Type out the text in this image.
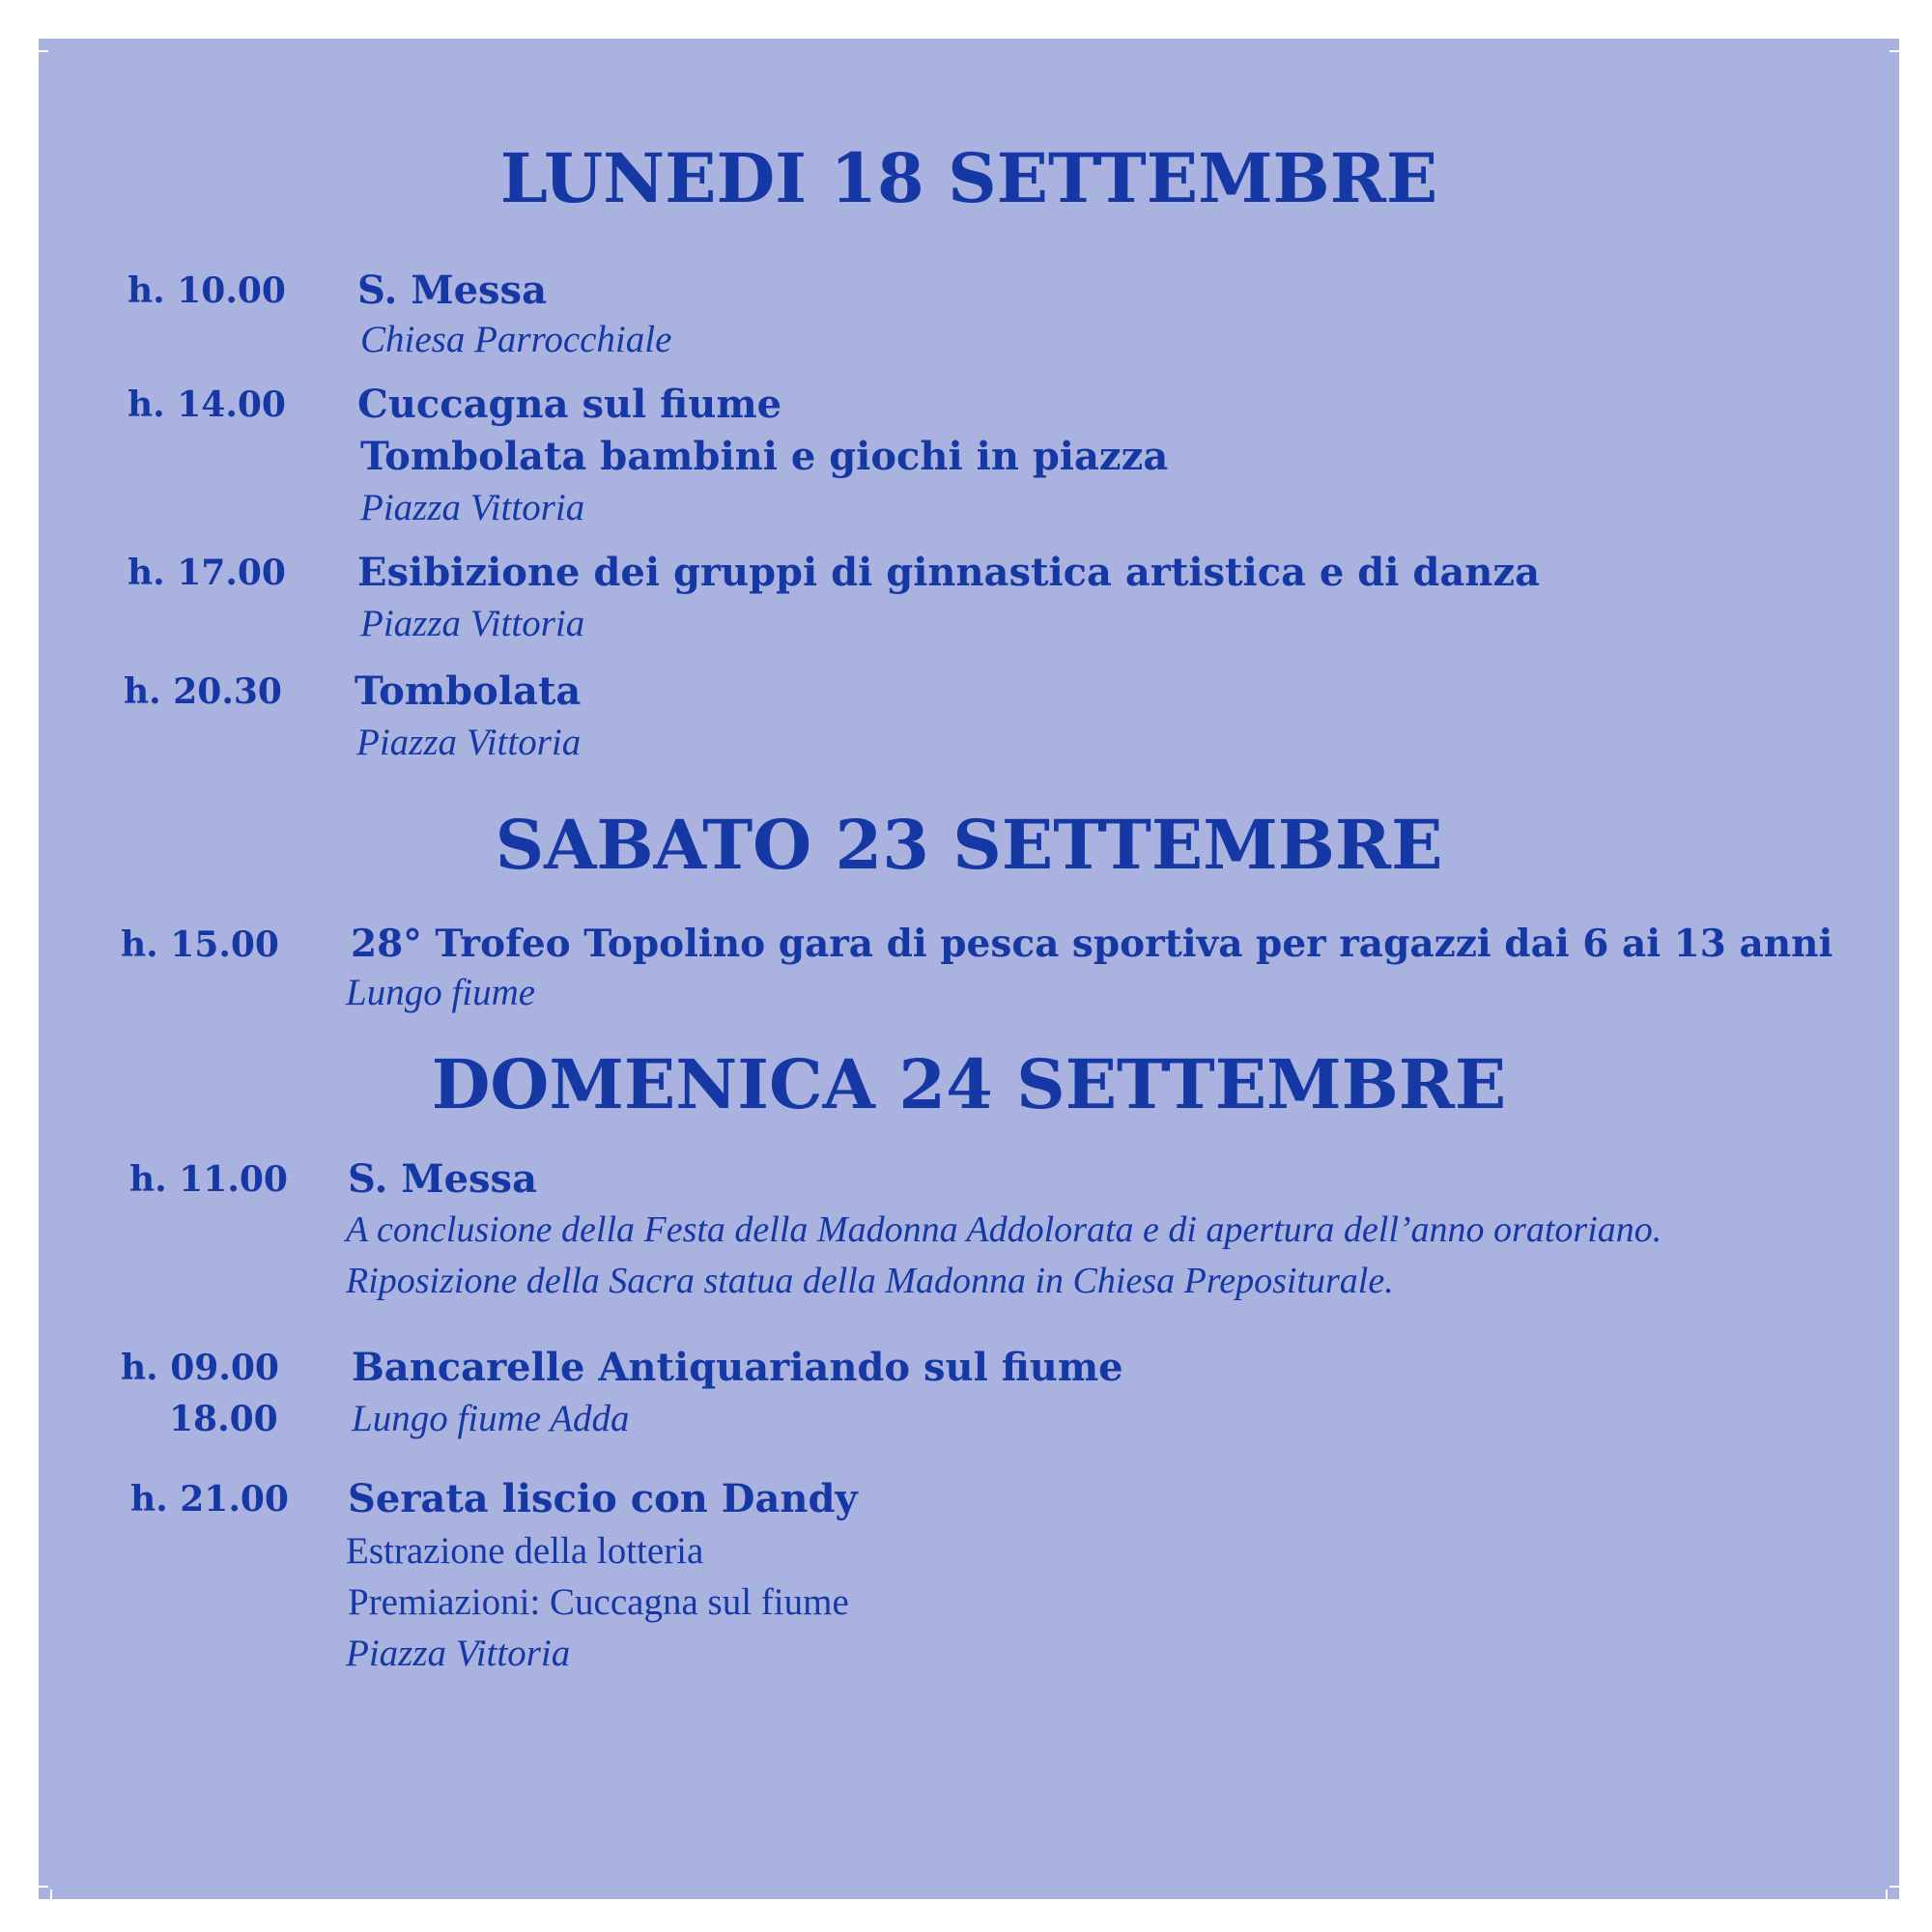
LUNEDI 18 SETTEMBRE
h. 10.00 S. Messa
Chiesa Parrocchiale
h. 14.00 Cuccagna sul fiume
Tombolata bambini e giochi in piazza
Piazza Vittoria
h. 17.00 Esibizione dei gruppi di ginnastica artistica e di danza
Piazza Vittoria
h. 20.30 Tombolata
Piazza Vittoria
SABATO 23 SETTEMBRE
h. 15.00 28° Trofeo Topolino gara di pesca sportiva per ragazzi dai 6 ai 13 anni
Lungo fiume
DOMENICA 24 SETTEMBRE
h. 11.00 S. Messa
A conclusione della Festa della Madonna Addolorata e di apertura dell’anno oratoriano.
Riposizione della Sacra statua della Madonna in Chiesa Prepositurale.
h. 09.00
18.00
Bancarelle Antiquariando sul fiume
Lungo fiume Adda
h. 21.00 Serata liscio con Dandy
Estrazione della lotteria
Premiazioni: Cuccagna sul fiume
Piazza Vittoria
